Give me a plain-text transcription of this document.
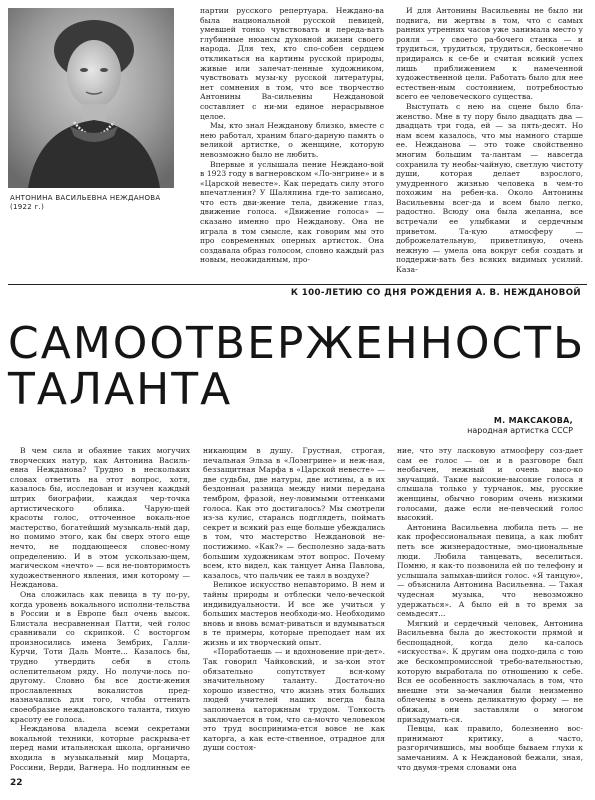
АНТОНИНА ВАСИЛЬЕВНА НЕЖДАНОВА
(1922 г.)

партии русского репертуара. Неждано-ва была национальной русской певицей, умевшей тонко чувствовать и переда-вать глубинные нюансы духовной жизни своего народа. Для тех, кто спо-собен сердцем откликаться на картины русской природы, живые или запечат-ленные художником, чувствовать музы-ку русской литературы, нет сомнения в том, что все творчество Антонины Ва-сильевны Неждановой составляет с ни-ми единое нерасрывное целое.

Мы, кто знал Нежданову близко, вместе с нею работал, храним благо-дарную память о великой артистке, о женщине, которую невозможно было не любить.

Впервые я услышала пение Неждано-вой в 1923 году в вагнеровском «Ло-энгрине» и в «Царской невесте». Как передать силу этого впечатления? У Шаляпина где-то записано, что есть дви-жение тела, движение глаз, движение голоса. «Движение голоса» — сказано именно про Нежданову. Она не играла в том смысле, как говорим мы это про современных оперных артисток. Она создавала образ голосом, словно каждый раз новым, неожиданным, про-

И для Антонины Васильевны не было ни подвига, ни жертвы в том, что с самых ранних утренних часов уже занимала место у рояля — у своего ра-бочего станка — и трудиться, трудиться, трудиться, бесконечно придираясь к се-бе и считая всякий успех лишь приближением к намеченной художественной цели. Работать было для нее естествен-ным состоянием, потребностью всего ее человеческого существа.

Выступать с нею на сцене было бла-женство. Мне в ту пору было двадцать два — двадцать три года, ей — за пять-десят. Но нам всем казалось, что мы намного старше ее. Нежданова — это тоже свойственно многим большим та-лантам — навсегда сохранила ту необы-чайную, светлую чистоту души, которая делает взрослого, умудренного жизнью человека в чем-то похожим на ребен-ка. Около Антонины Васильевны всег-да и всем было легко, радостно. Всюду она была желанна, все встречали ее улыбками и сердечным приветом. Та-кую атмосферу — доброжелательную, приветливую, очень нежную — умела она вокруг себя создать и поддержи-вать без всяких видимых усилий. Каза-

К 100-ЛЕТИЮ СО ДНЯ РОЖДЕНИЯ А. В. НЕЖДАНОВОЙ
САМООТВЕРЖЕННОСТЬ
ТАЛАНТА
М. МАКСАКОВА,
народная артистка СССР

В чем сила и обаяние таких могучих творческих натур, как Антонина Василь-евна Нежданова? Трудно в нескольких словах ответить на этот вопрос, хотя, казалось бы, исследован и изучен каждый штрих биографии, каждая чер-точка артистического облика. Чарую-щей красоты голос, отточенное вокаль-ное мастерство, богатейший музыкаль-ный дар, но помимо этого, как бы сверх этого еще нечто, не поддающееся словес-ному определению. И в этом ускользаю-щем, магическом «нечто» — вся не-повторимость художественного явления, имя которому — Нежданова.

Она сложилась как певица в ту по-ру, когда уровень вокального исполни-тельства в России и в Европе был очень высок. Блистала несравненная Патти, чей голос сравнивали со скрипкой. С восторгом произносились имена Зембрих, Галли-Курчи, Тоти Даль Монте... Казалось бы, трудно утвердить себя в столь ослепительном ряду. Но получи-лось по-другому. Словно бы все дости-жения прославленных вокалистов пред-назначались для того, чтобы оттенить своеобразие неждановского таланта, тихую красоту ее голоса.

Нежданова владела всеми секретами вокальной техники, которые раскрыва-ет перед нами итальянская школа, органично входила в музыкальный мир Моцарта, Россини, Верди, Вагнера. Но подлинным ее

никающим в душу. Грустная, строгая, печальная Эльза в «Лоэнгрине» и неж-ная, беззащитная Марфа в «Царской невесте» — две судьбы, две натуры, две истины, а в их бездонная разница между ними передана тембром, фразой, неу-ловимыми оттенками голоса. Как это достигалось? Мы смотрели из-за кулис, стараясь подглядеть, поймать секрет и всякий раз еще больше убеждались в том, что мастерство Неждановой не-постижимо. «Как?» — бесполезно зада-вать большим художникам этот вопрос. Почему всем, кто видел, как танцует Анна Павлова, казалось, что пальчик ее таял в воздухе?

Великое искусство непавторимо. В нем и тайны природы и отблески чело-веческой индивидуальности. И все же учиться у больших мастеров необходи-мо. Необходимо вновь и вновь всмат-риваться и вдумываться в те примеры, которые преподает нам их жизнь и их творческий опыт.

«Поработаешь — и вдохновение при-дет». Так говорил Чайковский, и за-кон этот обязательно сопутствует вся-кому значительному таланту. Достаточ-но хорошо известно, что жизнь этих больших людей учителей наших всегда была заполнена каторжным трудом. Тонкость заключается в том, что са-мочто человеком это труд воспринима-ется вовсе не как каторга, а как есте-ственное, отрадное для души состоя-

ние, что эту ласковую атмосферу соз-дает сам ее голос — он и в разговоре был необычен, нежный и очень высо-ко звучащий. Такие высокие-высокие голоса я слышала только у турчанок, мы, русские женщины, обычно говорим очень низкими голосами, даже если не-певческий голос высокий.

Антонина Васильевна любила петь — не как профессиональная певица, а как любят петь все жизнерадостные, эмо-циональные люди. Любила танцевать, веселиться. Помню, я как-то позвонила ей по телефону и услышала запыхав-шийся голос. «Я танцую», — объяснила Антонина Васильевна. — Такая чудесная музыка, что невозможно удержаться». А было ей в то время за семьдесят...

Мягкий и сердечный человек, Антонина Васильевна была до жестокости прямой и беспощадной, когда дело ка-салось «искусства». К другим она подхо-дила с тою же бескомпромиссной требо-вательностью, которую выработала по отношению к себе. Вся ее особенность заключалась в том, что внешне эти за-мечания были неизменно облечены в очень деликатную форму — не обижая, они заставляли о многом призадумать-ся.

Певцы, как правило, болезненно вос-принимают критику, а часто, разгорячившись, мы вообще бываем глухи к замечаниям. А к Неждановой бежали, зная, что двумя-тремя словами она

22
